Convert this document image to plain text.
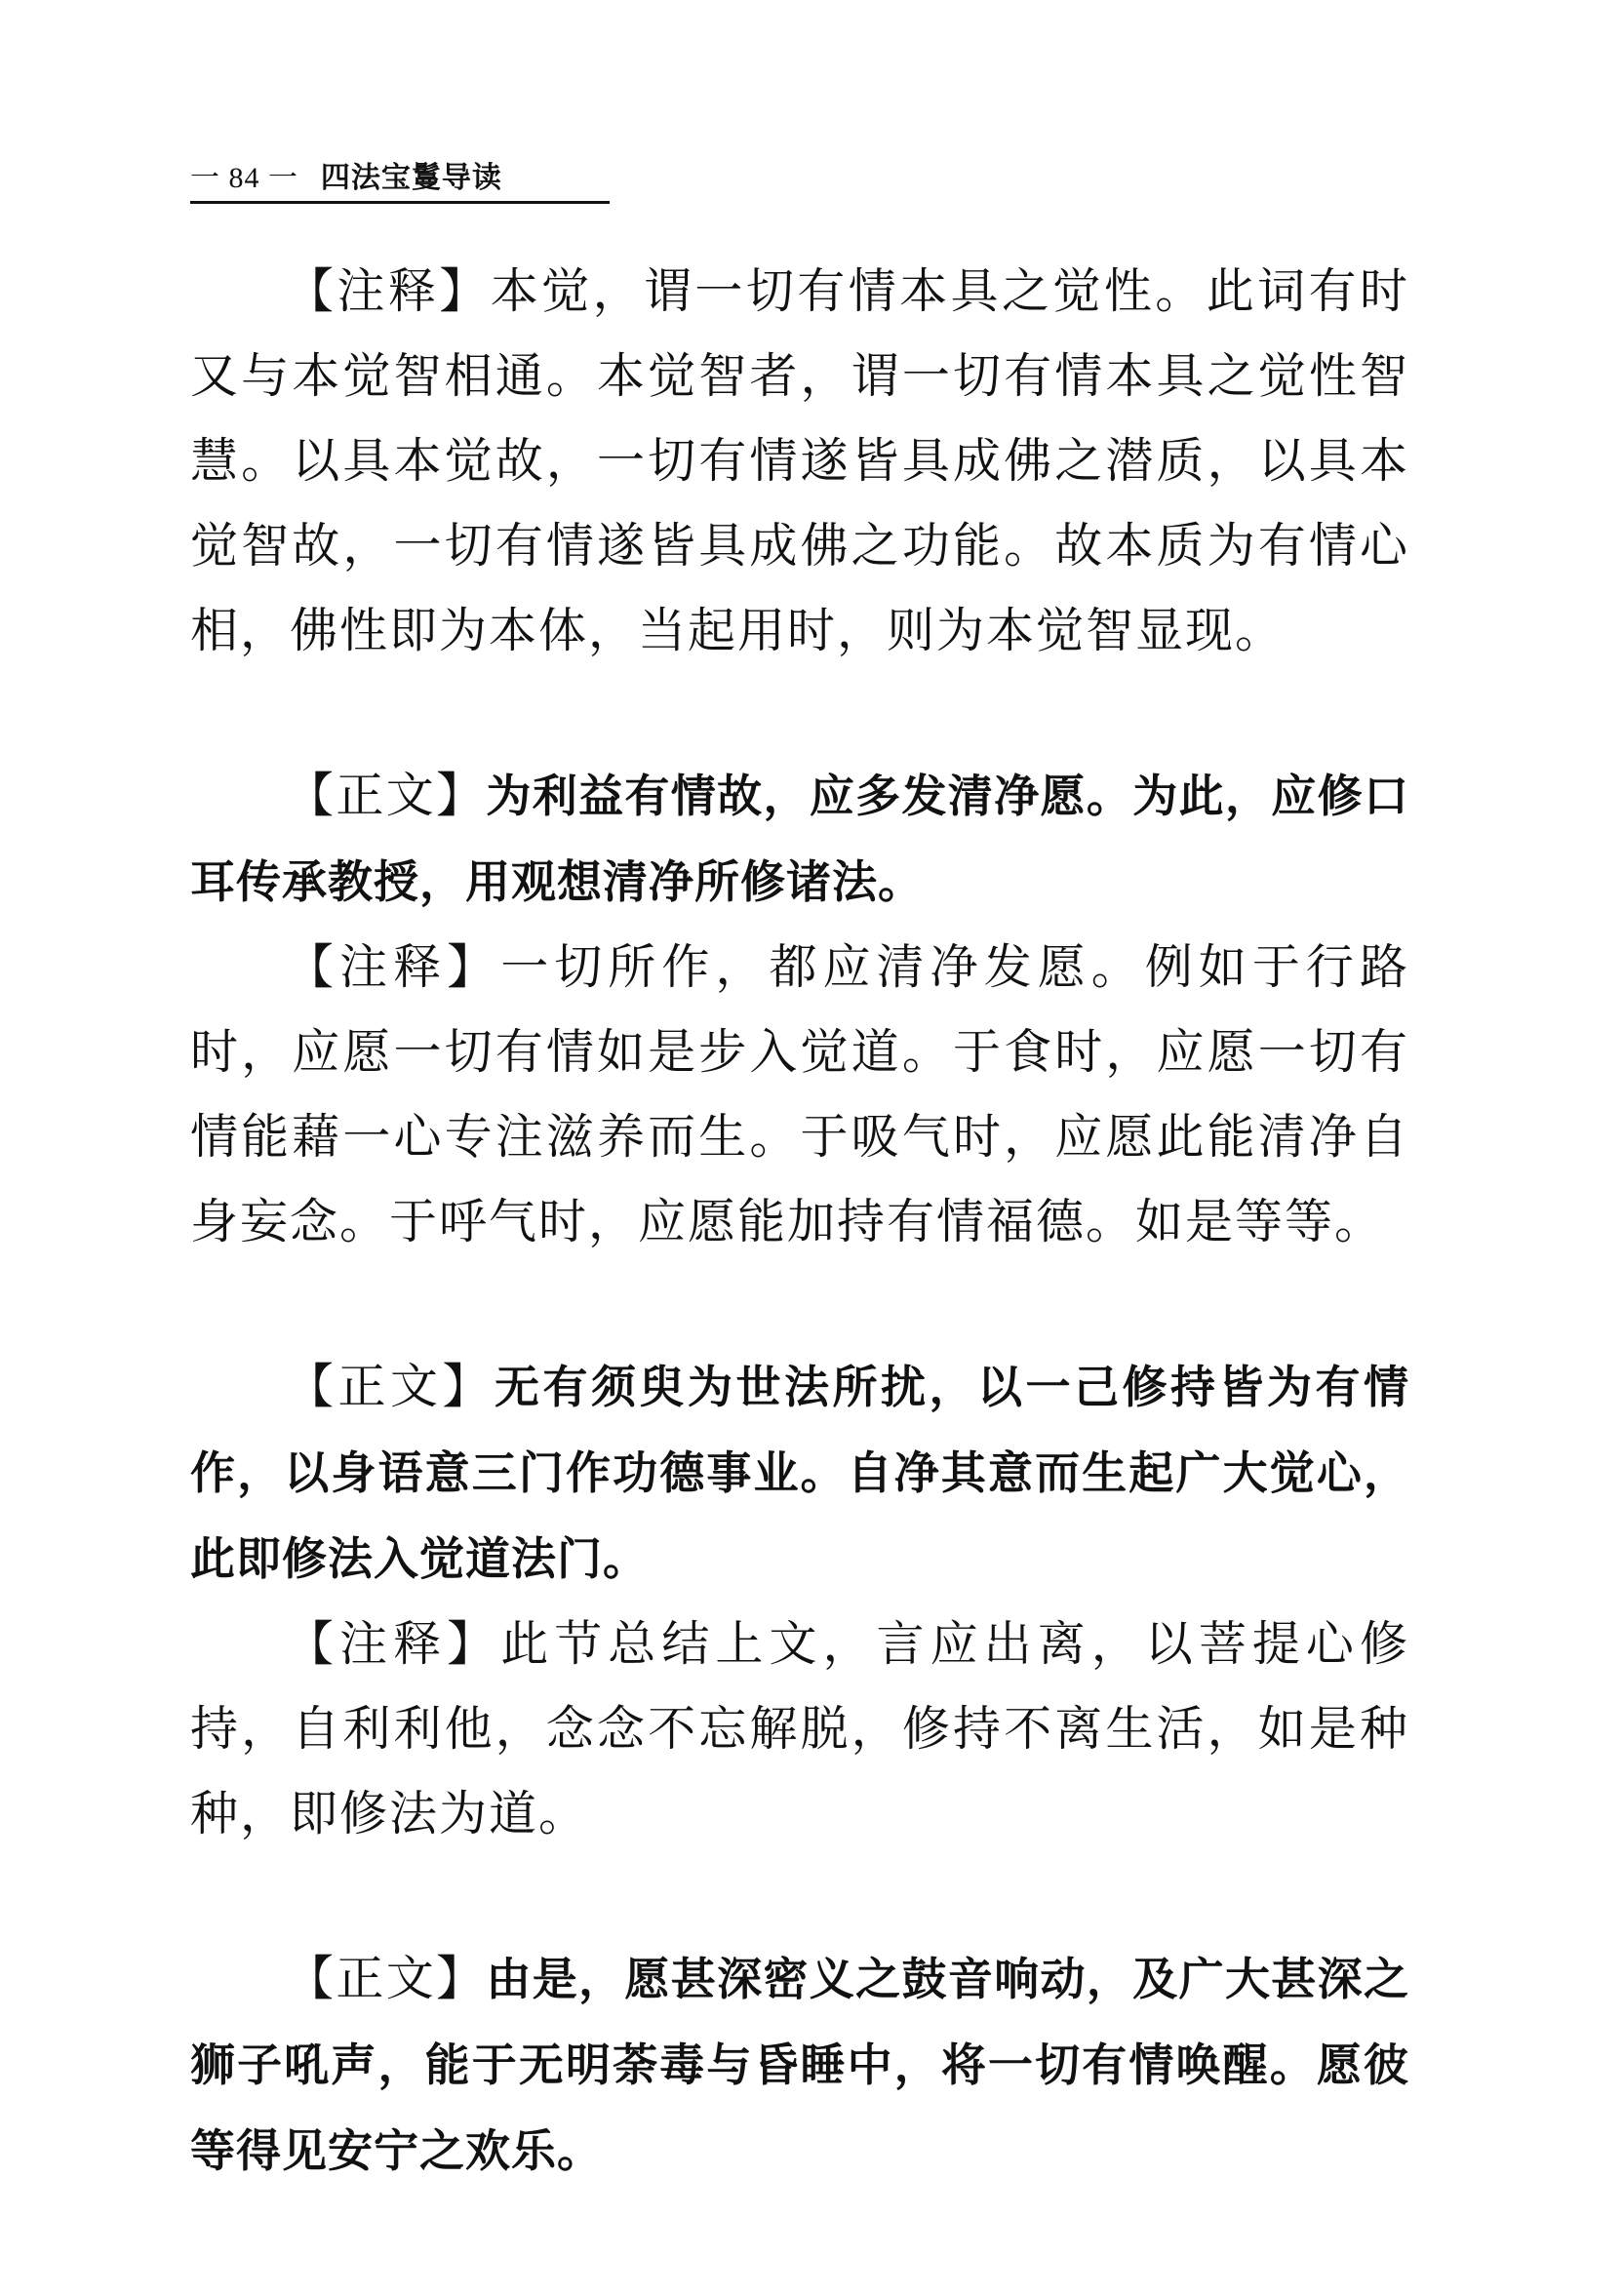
一 84 一 四法宝鬘导读

【注释】本觉，谓一切有情本具之觉性。此词有时又与本觉智相通。本觉智者，谓一切有情本具之觉性智慧。以具本觉故，一切有情遂皆具成佛之潜质，以具本觉智故，一切有情遂皆具成佛之功能。故本质为有情心相，佛性即为本体，当起用时，则为本觉智显现。

【正文】为利益有情故，应多发清净愿。为此，应修口耳传承教授，用观想清净所修诸法。

【注释】一切所作，都应清净发愿。例如于行路时，应愿一切有情如是步入觉道。于食时，应愿一切有情能藉一心专注滋养而生。于吸气时，应愿此能清净自身妄念。于呼气时，应愿能加持有情福德。如是等等。

【正文】无有须臾为世法所扰，以一己修持皆为有情作，以身语意三门作功德事业。自净其意而生起广大觉心，此即修法入觉道法门。

【注释】此节总结上文，言应出离，以菩提心修持，自利利他，念念不忘解脱，修持不离生活，如是种种，即修法为道。

【正文】由是，愿甚深密义之鼓音响动，及广大甚深之狮子吼声，能于无明荼毒与昏睡中，将一切有情唤醒。愿彼等得见安宁之欢乐。
